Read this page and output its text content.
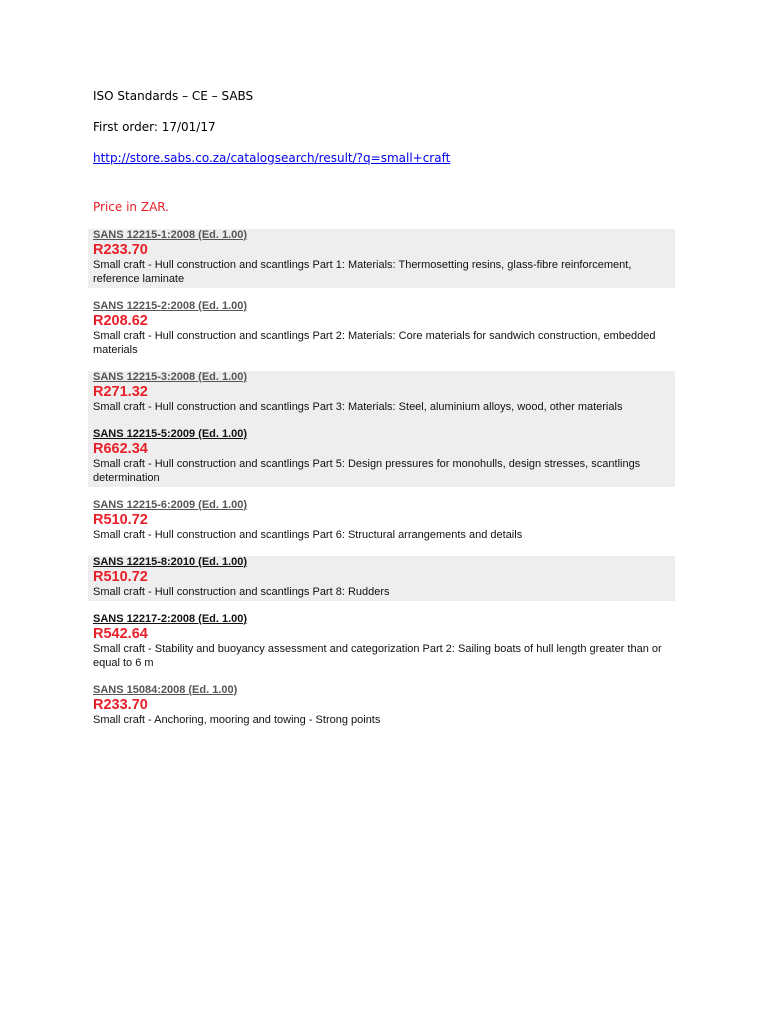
ISO Standards – CE – SABS
First order: 17/01/17
http://store.sabs.co.za/catalogsearch/result/?q=small+craft
Price in ZAR.
SANS 12215-1:2008 (Ed. 1.00)
R233.70
Small craft - Hull construction and scantlings Part 1: Materials: Thermosetting resins, glass-fibre reinforcement, reference laminate
SANS 12215-2:2008 (Ed. 1.00)
R208.62
Small craft - Hull construction and scantlings Part 2: Materials: Core materials for sandwich construction, embedded materials
SANS 12215-3:2008 (Ed. 1.00)
R271.32
Small craft - Hull construction and scantlings Part 3: Materials: Steel, aluminium alloys, wood, other materials
SANS 12215-5:2009 (Ed. 1.00)
R662.34
Small craft - Hull construction and scantlings Part 5: Design pressures for monohulls, design stresses, scantlings determination
SANS 12215-6:2009 (Ed. 1.00)
R510.72
Small craft - Hull construction and scantlings Part 6: Structural arrangements and details
SANS 12215-8:2010 (Ed. 1.00)
R510.72
Small craft - Hull construction and scantlings Part 8: Rudders
SANS 12217-2:2008 (Ed. 1.00)
R542.64
Small craft - Stability and buoyancy assessment and categorization Part 2: Sailing boats of hull length greater than or equal to 6 m
SANS 15084:2008 (Ed. 1.00)
R233.70
Small craft - Anchoring, mooring and towing - Strong points
